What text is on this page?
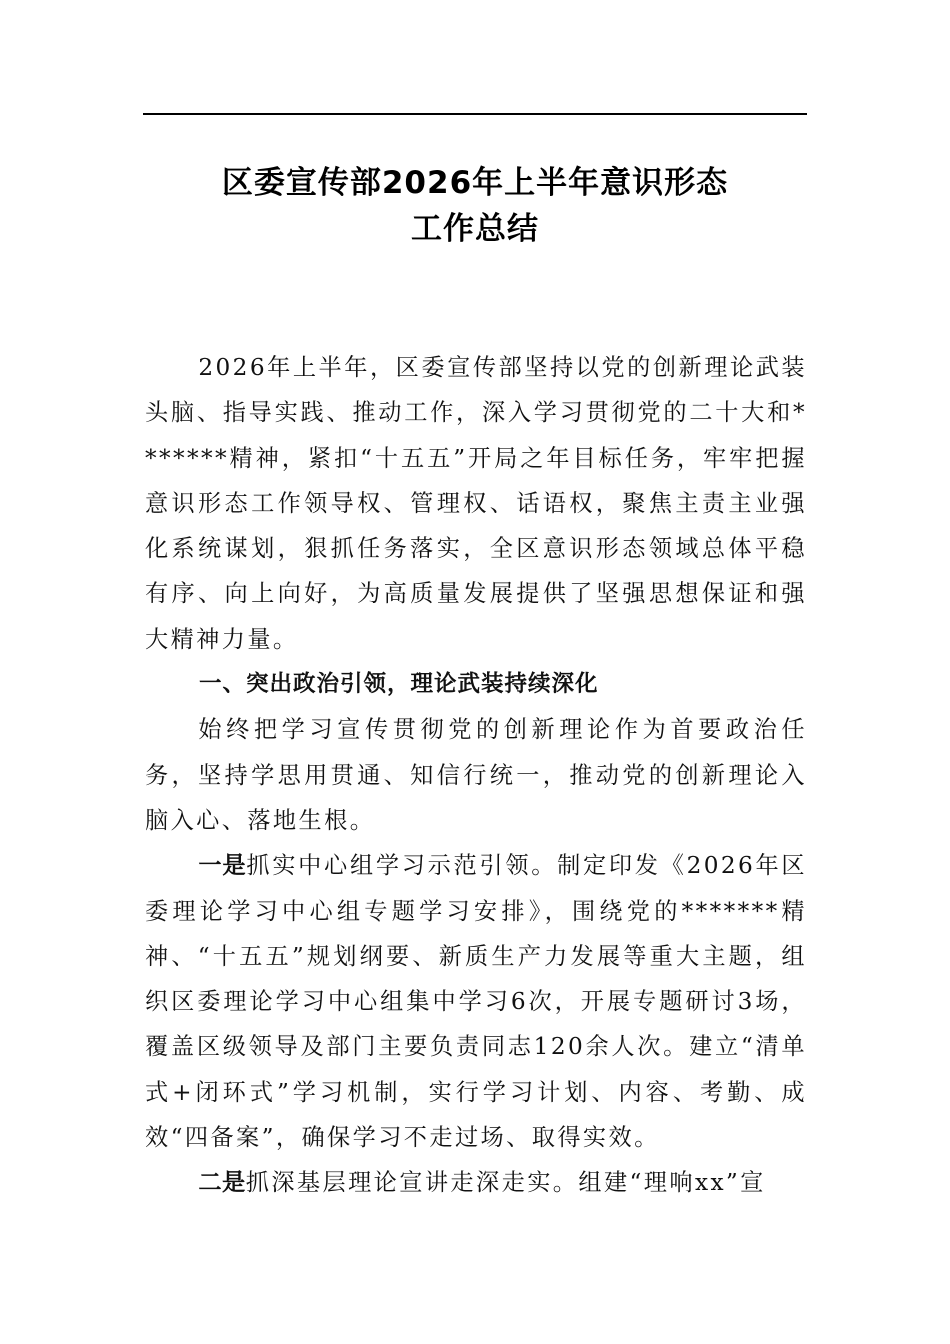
区委宣传部2026年上半年意识形态
工作总结

2026年上半年，区委宣传部坚持以党的创新理论武装头脑、指导实践、推动工作，深入学习贯彻党的二十大和*******精神，紧扣“十五五”开局之年目标任务，牢牢把握意识形态工作领导权、管理权、话语权，聚焦主责主业强化系统谋划，狠抓任务落实，全区意识形态领域总体平稳有序、向上向好，为高质量发展提供了坚强思想保证和强大精神力量。

一、突出政治引领，理论武装持续深化

始终把学习宣传贯彻党的创新理论作为首要政治任务，坚持学思用贯通、知信行统一，推动党的创新理论入脑入心、落地生根。

一是抓实中心组学习示范引领。制定印发《2026年区委理论学习中心组专题学习安排》，围绕党的*******精神、“十五五”规划纲要、新质生产力发展等重大主题，组织区委理论学习中心组集中学习6次，开展专题研讨3场，覆盖区级领导及部门主要负责同志120余人次。建立“清单式+闭环式”学习机制，实行学习计划、内容、考勤、成效“四备案”，确保学习不走过场、取得实效。

二是抓深基层理论宣讲走深走实。组建“理响xx”宣
